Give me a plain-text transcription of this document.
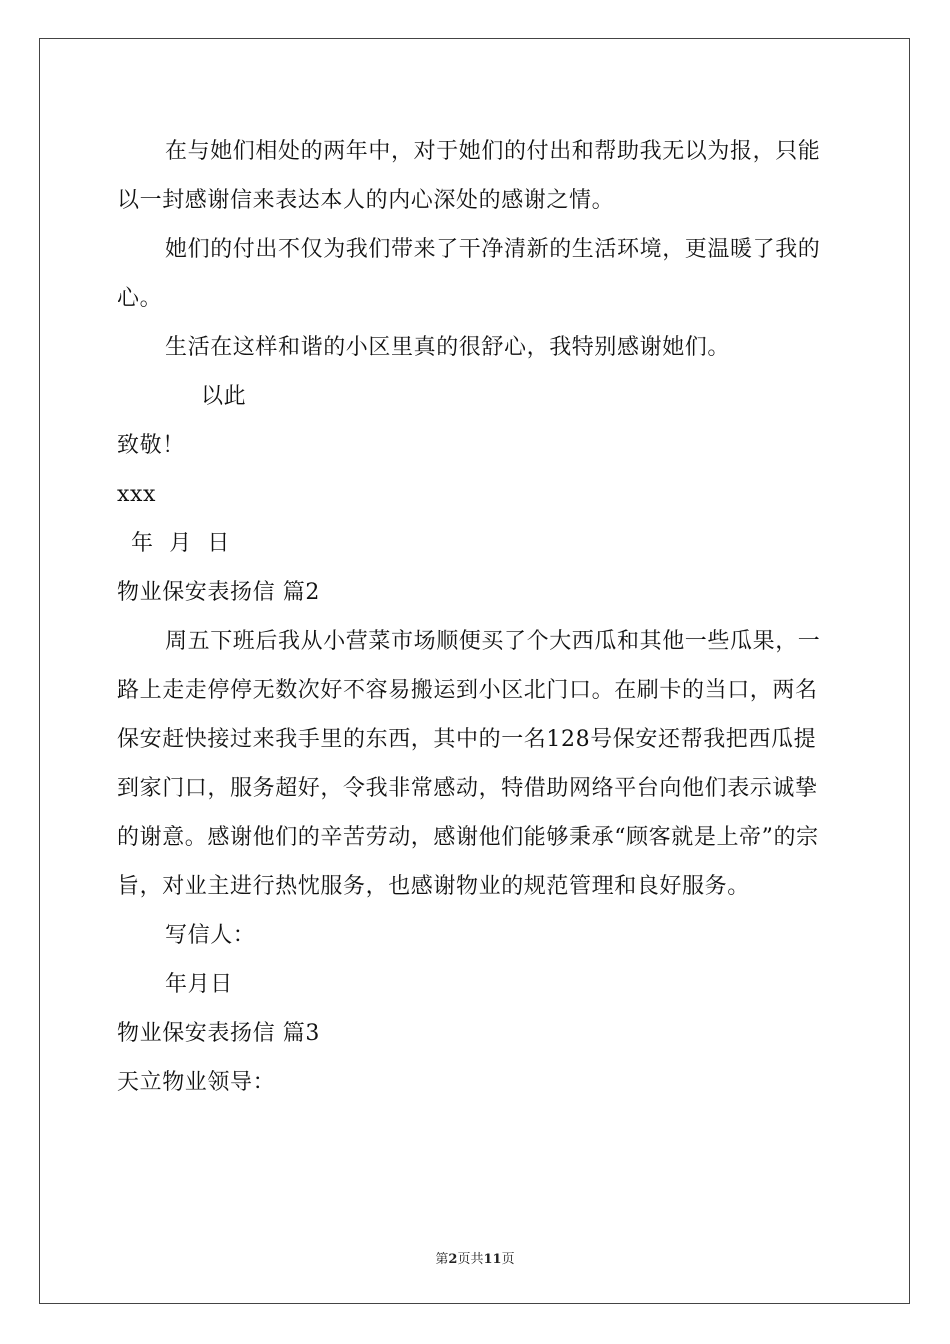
在与她们相处的两年中，对于她们的付出和帮助我无以为报，只能以一封感谢信来表达本人的内心深处的感谢之情。

她们的付出不仅为我们带来了干净清新的生活环境，更温暖了我的心。

生活在这样和谐的小区里真的很舒心，我特别感谢她们。

以此

致敬！

xxx

年 月 日

物业保安表扬信 篇2

周五下班后我从小营菜市场顺便买了个大西瓜和其他一些瓜果，一路上走走停停无数次好不容易搬运到小区北门口。在刷卡的当口，两名保安赶快接过来我手里的东西，其中的一名128号保安还帮我把西瓜提到家门口，服务超好，令我非常感动，特借助网络平台向他们表示诚挚的谢意。感谢他们的辛苦劳动，感谢他们能够秉承“顾客就是上帝”的宗旨，对业主进行热忱服务，也感谢物业的规范管理和良好服务。

写信人：

年月日

物业保安表扬信 篇3

天立物业领导：

第2页共11页
